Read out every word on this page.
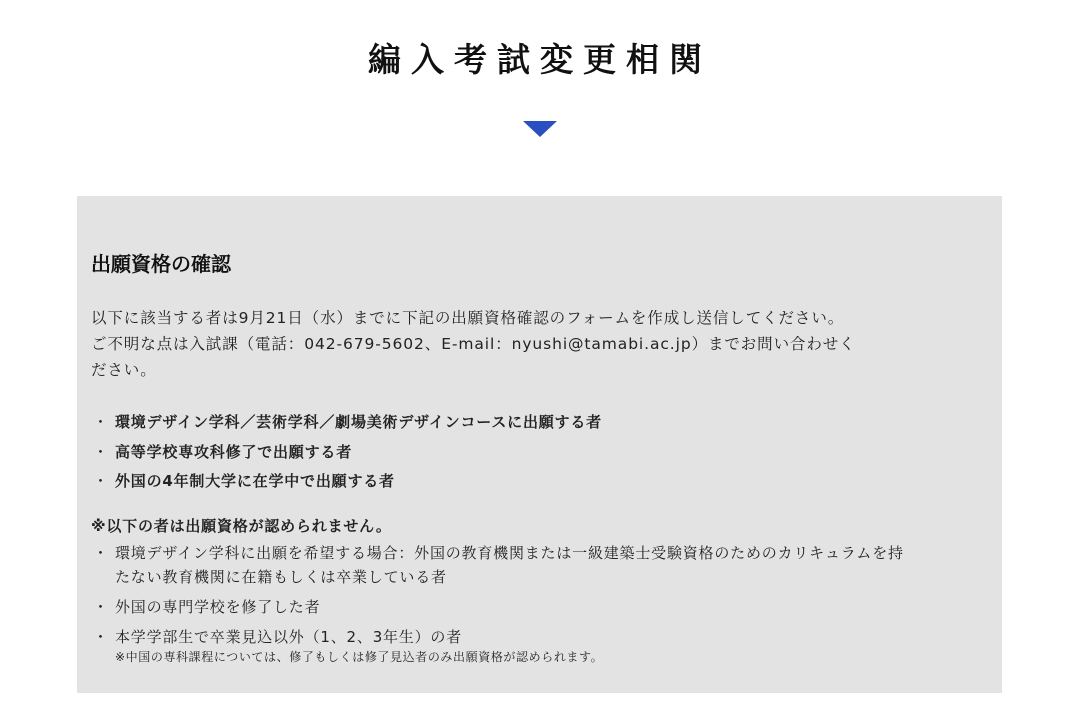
編入考試変更相関
出願資格の確認

以下に該当する者は9月21日（水）までに下記の出願資格確認のフォームを作成し送信してください。

ご不明な点は入試課（電話：042-679-5602、E-mail：nyushi@tamabi.ac.jp）までお問い合わせく

ださい。

・ 環境デザイン学科／芸術学科／劇場美術デザインコースに出願する者
・ 高等学校専攻科修了で出願する者
・ 外国の4年制大学に在学中で出願する者
※以下の者は出願資格が認められません。
・ 環境デザイン学科に出願を希望する場合：外国の教育機関または一級建築士受験資格のためのカリキュラムを持
たない教育機関に在籍もしくは卒業している者
・ 外国の専門学校を修了した者
・ 本学学部生で卒業見込以外（1、2、3年生）の者
※中国の専科課程については、修了もしくは修了見込者のみ出願資格が認められます。
